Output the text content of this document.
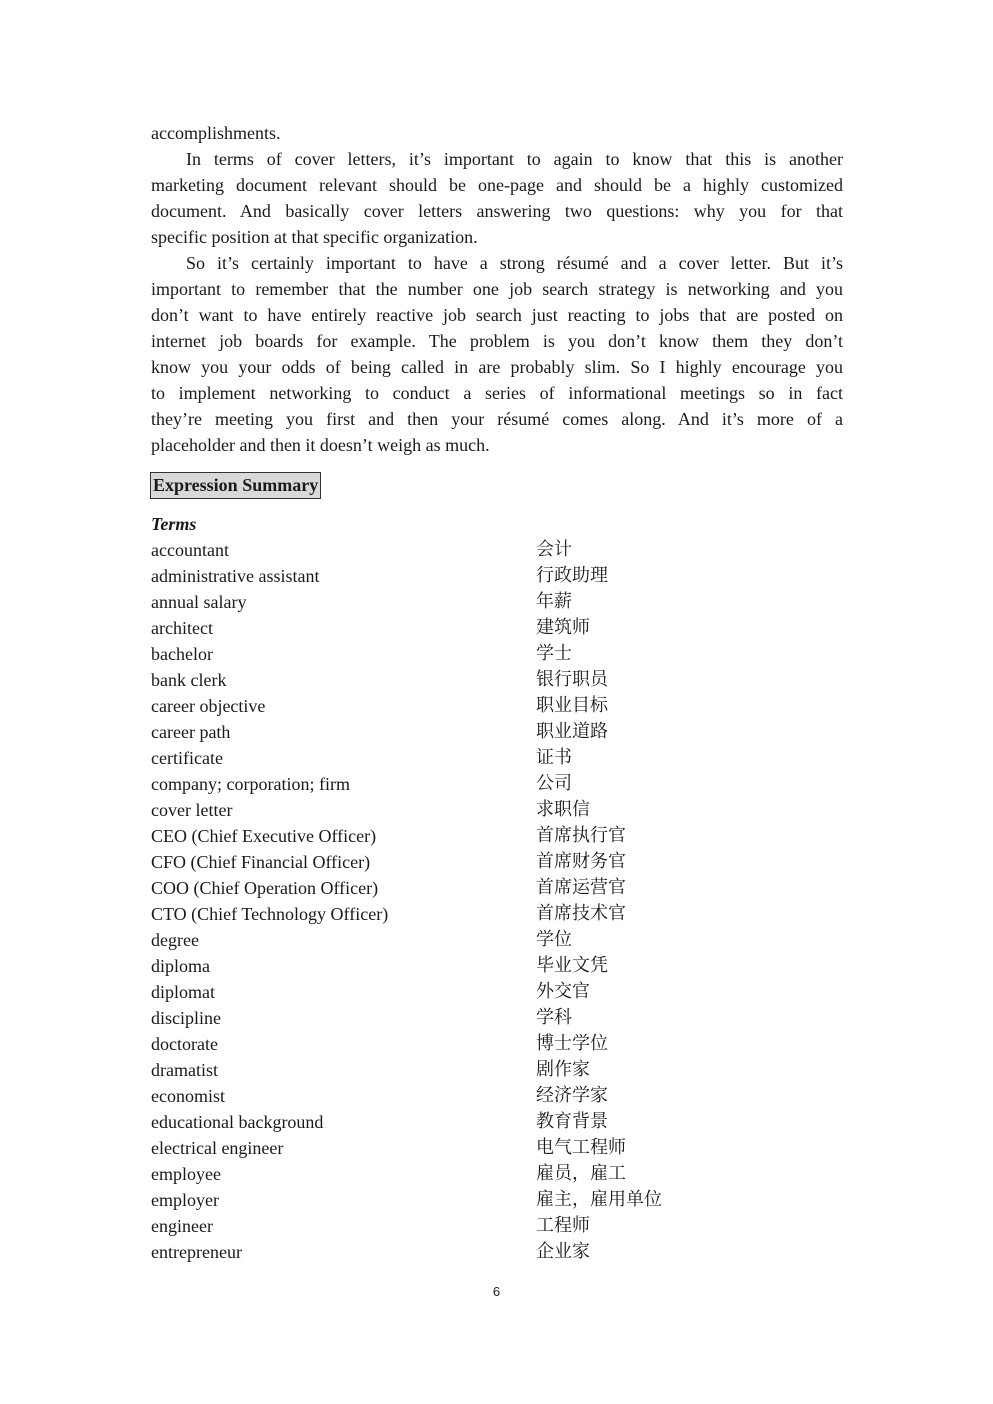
accomplishments.
In terms of cover letters, it’s important to again to know that this is another
marketing document relevant should be one-page and should be a highly customized
document. And basically cover letters answering two questions: why you for that
specific position at that specific organization.
So it’s certainly important to have a strong résumé and a cover letter. But it’s
important to remember that the number one job search strategy is networking and you
don’t want to have entirely reactive job search just reacting to jobs that are posted on
internet job boards for example. The problem is you don’t know them they don’t
know you your odds of being called in are probably slim. So I highly encourage you
to implement networking to conduct a series of informational meetings so in fact
they’re meeting you first and then your résumé comes along. And it’s more of a
placeholder and then it doesn’t weigh as much.
Expression Summary
Terms
accountant	会计
administrative assistant	行政助理
annual salary	年薪
architect	建筑师
bachelor	学士
bank clerk	银行职员
career objective	职业目标
career path	职业道路
certificate	证书
company; corporation; firm	公司
cover letter	求职信
CEO (Chief Executive Officer)	首席执行官
CFO (Chief Financial Officer)	首席财务官
COO (Chief Operation Officer)	首席运营官
CTO (Chief Technology Officer)	首席技术官
degree	学位
diploma	毕业文凭
diplomat	外交官
discipline	学科
doctorate	博士学位
dramatist	剧作家
economist	经济学家
educational background	教育背景
electrical engineer	电气工程师
employee	雇员，雇工
employer	雇主，雇用单位
engineer	工程师
entrepreneur	企业家
6
